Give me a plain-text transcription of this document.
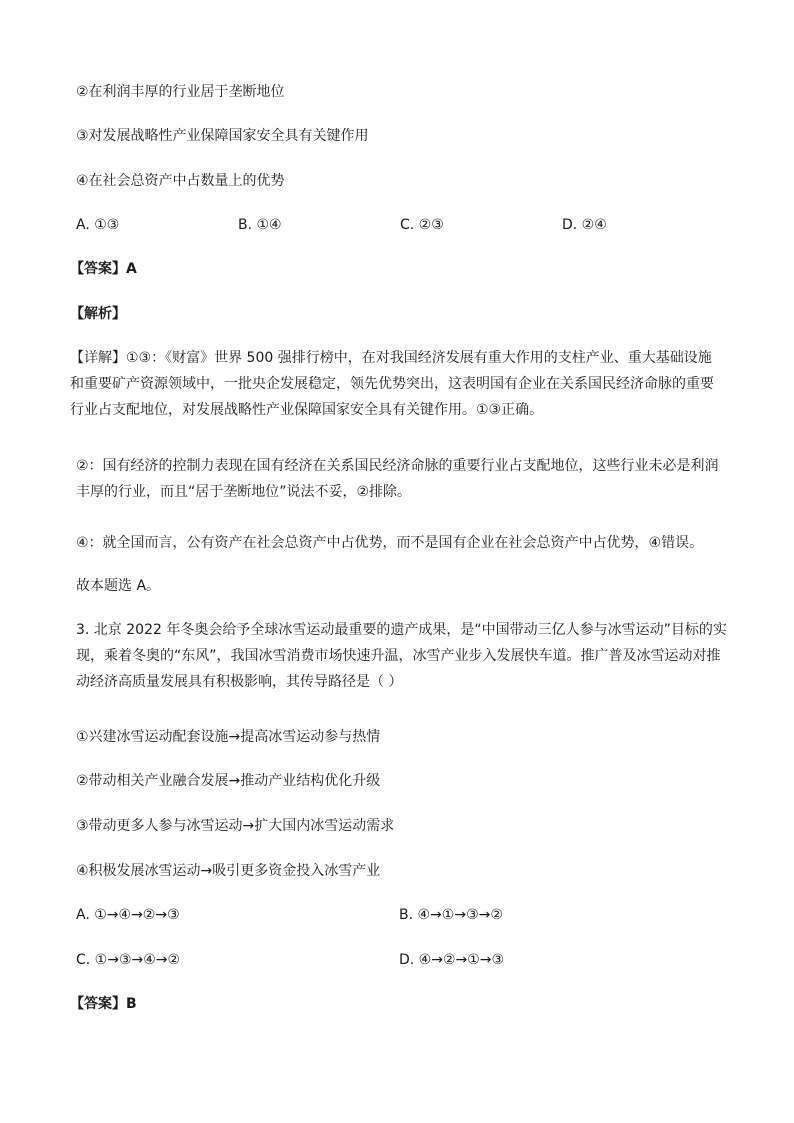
②在利润丰厚的行业居于垄断地位
③对发展战略性产业保障国家安全具有关键作用
④在社会总资产中占数量上的优势
A. ①③	B. ①④	C. ②③	D. ②④
【答案】A
【解析】
【详解】①③：《财富》世界 500 强排行榜中，在对我国经济发展有重大作用的支柱产业、重大基础设施
和重要矿产资源领域中，一批央企发展稳定，领先优势突出，这表明国有企业在关系国民经济命脉的重要
行业占支配地位，对发展战略性产业保障国家安全具有关键作用。①③正确。
②：国有经济的控制力表现在国有经济在关系国民经济命脉的重要行业占支配地位，这些行业未必是利润
丰厚的行业，而且“居于垄断地位”说法不妥，②排除。
④：就全国而言，公有资产在社会总资产中占优势，而不是国有企业在社会总资产中占优势，④错误。
故本题选 A。
3. 北京 2022 年冬奥会给予全球冰雪运动最重要的遗产成果，是“中国带动三亿人参与冰雪运动”目标的实
现，乘着冬奥的“东风”，我国冰雪消费市场快速升温，冰雪产业步入发展快车道。推广普及冰雪运动对推
动经济高质量发展具有积极影响，其传导路径是（ ）
①兴建冰雪运动配套设施→提高冰雪运动参与热情
②带动相关产业融合发展→推动产业结构优化升级
③带动更多人参与冰雪运动→扩大国内冰雪运动需求
④积极发展冰雪运动→吸引更多资金投入冰雪产业
A. ①→④→②→③	B. ④→①→③→②
C. ①→③→④→②	D. ④→②→①→③
【答案】B
